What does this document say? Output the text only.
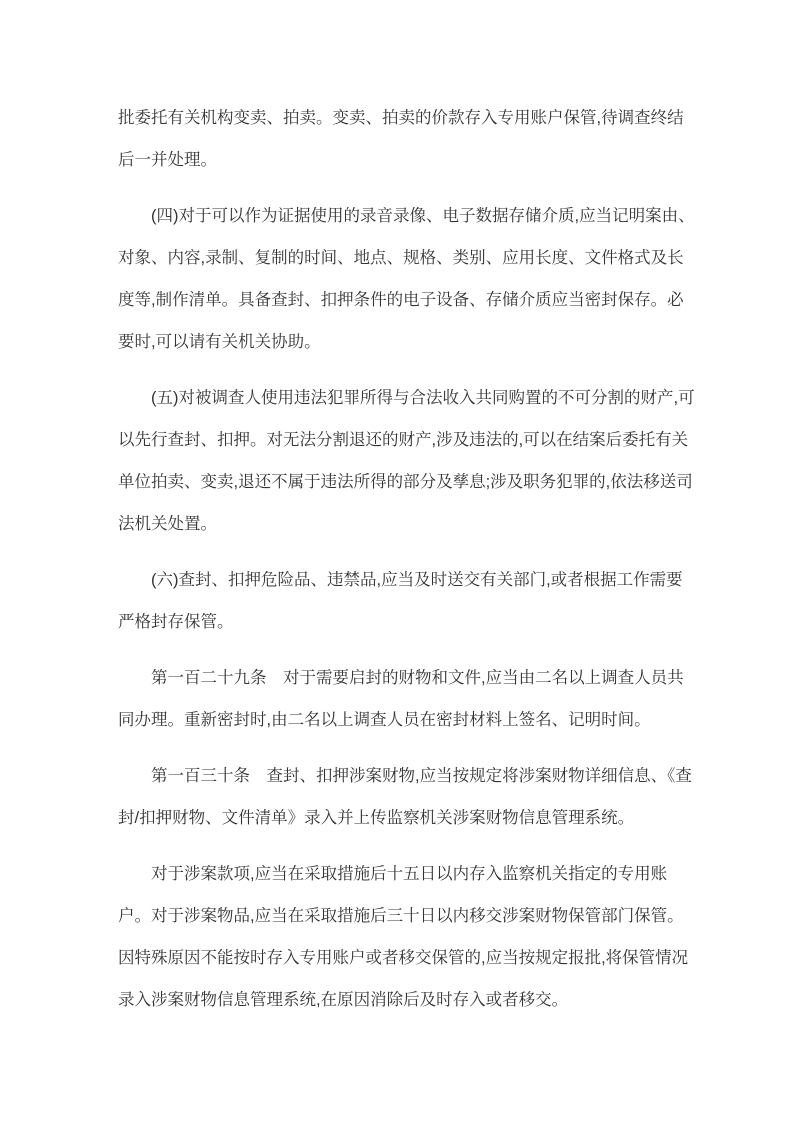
批委托有关机构变卖、拍卖。变卖、拍卖的价款存入专用账户保管,待调查终结后一并处理。

(四)对于可以作为证据使用的录音录像、电子数据存储介质,应当记明案由、对象、内容,录制、复制的时间、地点、规格、类别、应用长度、文件格式及长度等,制作清单。具备查封、扣押条件的电子设备、存储介质应当密封保存。必要时,可以请有关机关协助。

(五)对被调查人使用违法犯罪所得与合法收入共同购置的不可分割的财产,可以先行查封、扣押。对无法分割退还的财产,涉及违法的,可以在结案后委托有关单位拍卖、变卖,退还不属于违法所得的部分及孳息;涉及职务犯罪的,依法移送司法机关处置。

(六)查封、扣押危险品、违禁品,应当及时送交有关部门,或者根据工作需要严格封存保管。

第一百二十九条　对于需要启封的财物和文件,应当由二名以上调查人员共同办理。重新密封时,由二名以上调查人员在密封材料上签名、记明时间。

第一百三十条　查封、扣押涉案财物,应当按规定将涉案财物详细信息、《查封/扣押财物、文件清单》录入并上传监察机关涉案财物信息管理系统。

对于涉案款项,应当在采取措施后十五日以内存入监察机关指定的专用账户。对于涉案物品,应当在采取措施后三十日以内移交涉案财物保管部门保管。因特殊原因不能按时存入专用账户或者移交保管的,应当按规定报批,将保管情况录入涉案财物信息管理系统,在原因消除后及时存入或者移交。
